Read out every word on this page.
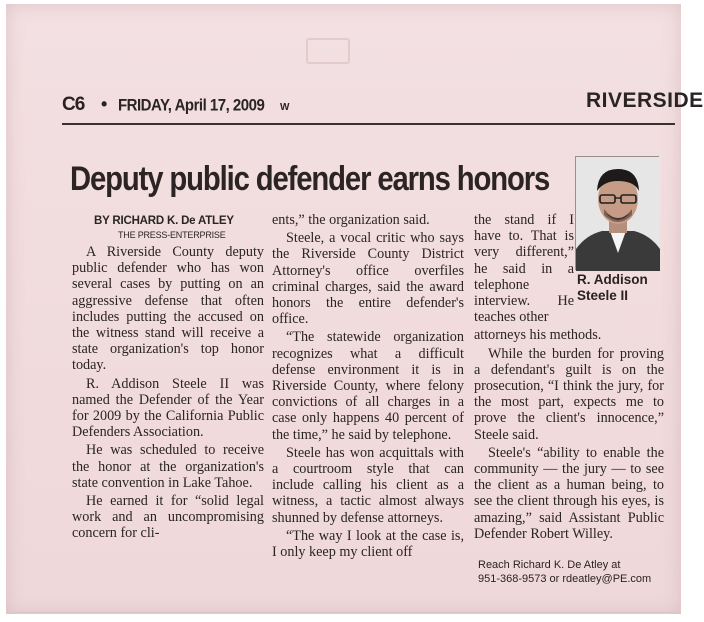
C6 • FRIDAY, April 17, 2009 W	RIVERSIDE
Deputy public defender earns honors
R. Addison
Steele II
BY RICHARD K. De ATLEY
THE PRESS-ENTERPRISE

A Riverside County deputy public defender who has won several cases by putting on an aggressive defense that often includes putting the accused on the witness stand will receive a state organization's top honor today.

R. Addison Steele II was named the Defender of the Year for 2009 by the California Public Defenders Association.

He was scheduled to receive the honor at the organization's state convention in Lake Tahoe.

He earned it for “solid legal work and an uncompromising concern for cli-

ents,” the organization said.

Steele, a vocal critic who says the Riverside County District Attorney's office overfiles criminal charges, said the award honors the entire defender's office.

“The statewide organization recognizes what a difficult defense environment it is in Riverside County, where felony convictions of all charges in a case only happens 40 percent of the time,” he said by telephone.

Steele has won acquittals with a courtroom style that can include calling his client as a witness, a tactic almost always shunned by defense attorneys.

“The way I look at the case is, I only keep my client off

the stand if I have to. That is very different,” he said in a telephone interview. He teaches other

attorneys his methods.

While the burden for proving a defendant's guilt is on the prosecution, “I think the jury, for the most part, expects me to prove the client's innocence,” Steele said.

Steele's “ability to enable the community — the jury — to see the client as a human being, to see the client through his eyes, is amazing,” said Assistant Public Defender Robert Willey.

Reach Richard K. De Atley at
951-368-9573 or rdeatley@PE.com
